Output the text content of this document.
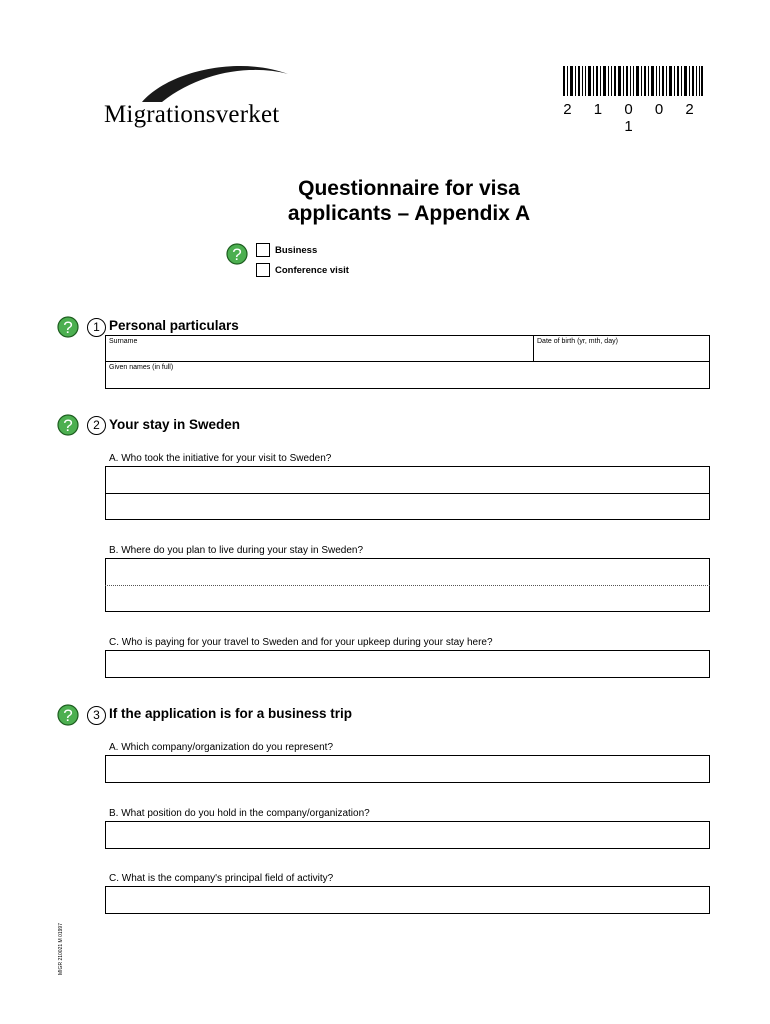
Migrationsverket	2 1 0 0 2 1
Questionnaire for visa
applicants – Appendix A
?	Business
Conference visit
?	1 Personal particulars
Surname	Date of birth (yr, mth, day)
Given names (in full)
?	2 Your stay in Sweden
A. Who took the initiative for your visit to Sweden?
B. Where do you plan to live during your stay in Sweden?
C. Who is paying for your travel to Sweden and for your upkeep during your stay here?
?	3 If the application is for a business trip
A. Which company/organization do you represent?
B. What position do you hold in the company/organization?
C. What is the company's principal field of activity?
MIGR 210021 M 01997
